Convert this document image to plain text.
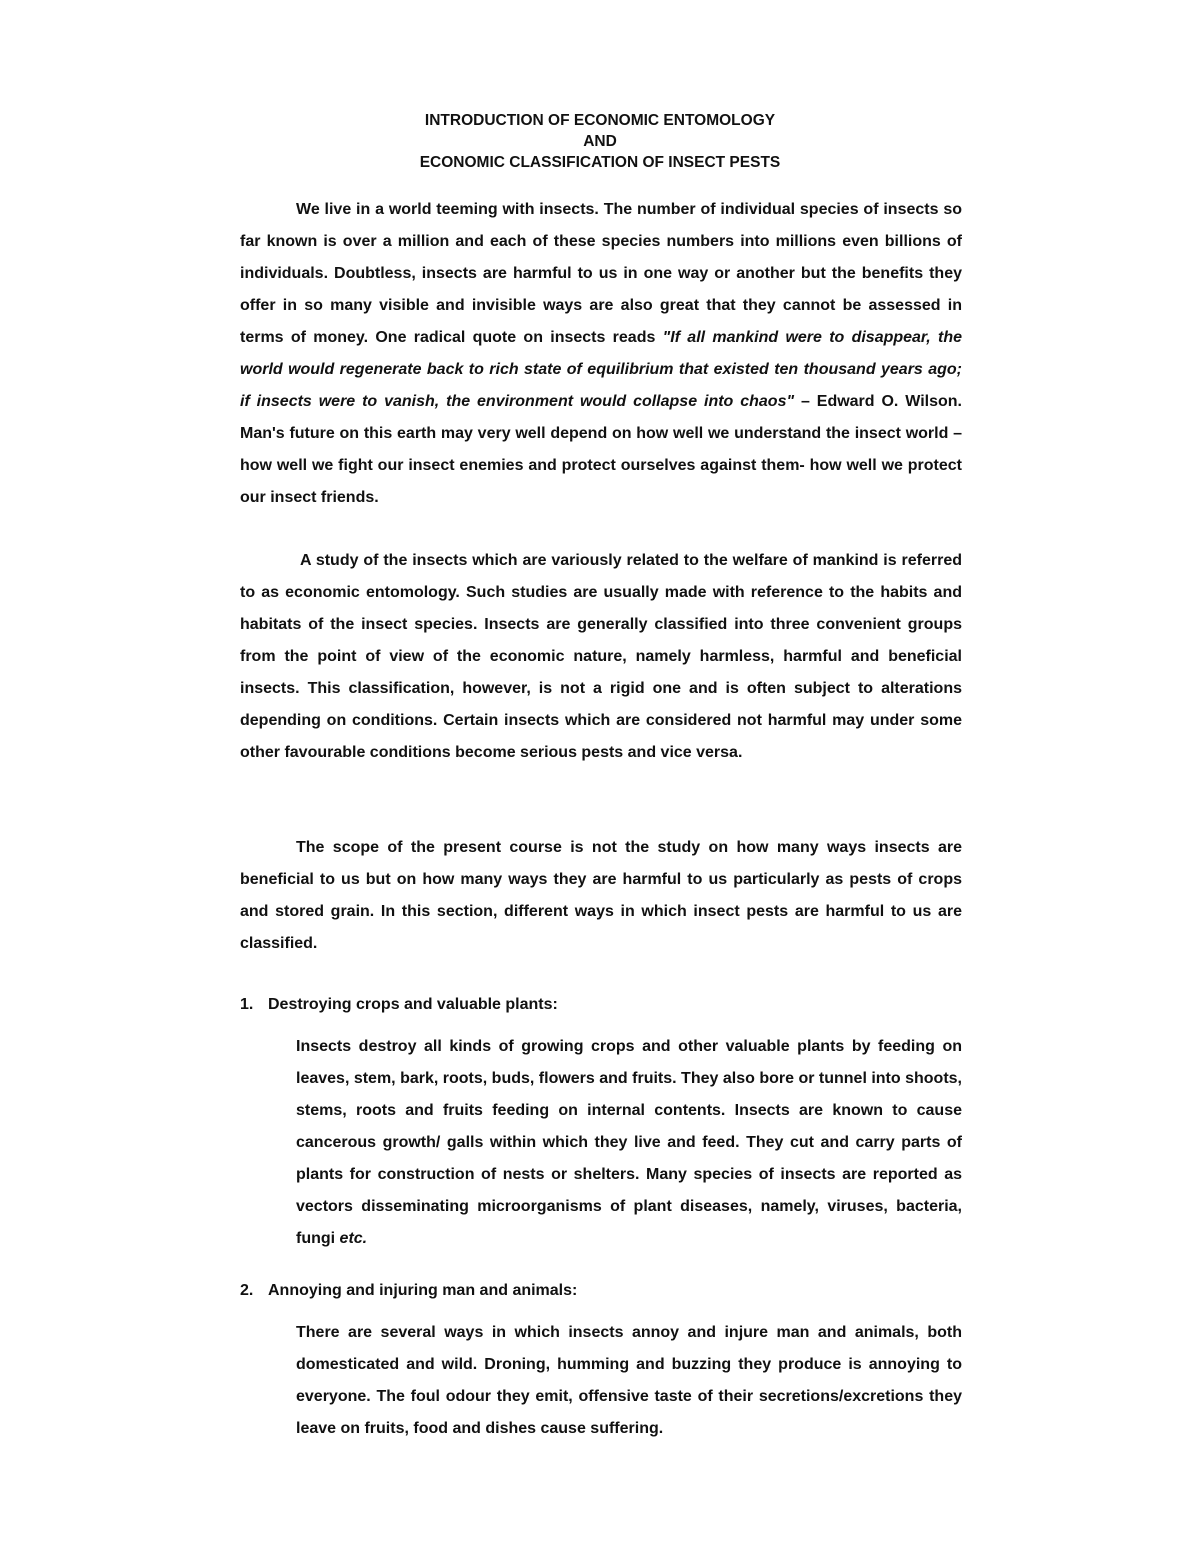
INTRODUCTION OF ECONOMIC ENTOMOLOGY
AND
ECONOMIC CLASSIFICATION OF INSECT PESTS

We live in a world teeming with insects. The number of individual species of insects so far known is over a million and each of these species numbers into millions even billions of individuals. Doubtless, insects are harmful to us in one way or another but the benefits they offer in so many visible and invisible ways are also great that they cannot be assessed in terms of money. One radical quote on insects reads "If all mankind were to disappear, the world would regenerate back to rich state of equilibrium that existed ten thousand years ago; if insects were to vanish, the environment would collapse into chaos" – Edward O. Wilson. Man's future on this earth may very well depend on how well we understand the insect world – how well we fight our insect enemies and protect ourselves against them- how well we protect our insect friends.

A study of the insects which are variously related to the welfare of mankind is referred to as economic entomology. Such studies are usually made with reference to the habits and habitats of the insect species. Insects are generally classified into three convenient groups from the point of view of the economic nature, namely harmless, harmful and beneficial insects. This classification, however, is not a rigid one and is often subject to alterations depending on conditions. Certain insects which are considered not harmful may under some other favourable conditions become serious pests and vice versa.

The scope of the present course is not the study on how many ways insects are beneficial to us but on how many ways they are harmful to us particularly as pests of crops and stored grain. In this section, different ways in which insect pests are harmful to us are classified.

1. Destroying crops and valuable plants:

Insects destroy all kinds of growing crops and other valuable plants by feeding on leaves, stem, bark, roots, buds, flowers and fruits. They also bore or tunnel into shoots, stems, roots and fruits feeding on internal contents. Insects are known to cause cancerous growth/ galls within which they live and feed. They cut and carry parts of plants for construction of nests or shelters. Many species of insects are reported as vectors disseminating microorganisms of plant diseases, namely, viruses, bacteria, fungi etc.

2. Annoying and injuring man and animals:

There are several ways in which insects annoy and injure man and animals, both domesticated and wild. Droning, humming and buzzing they produce is annoying to everyone. The foul odour they emit, offensive taste of their secretions/excretions they leave on fruits, food and dishes cause suffering.
